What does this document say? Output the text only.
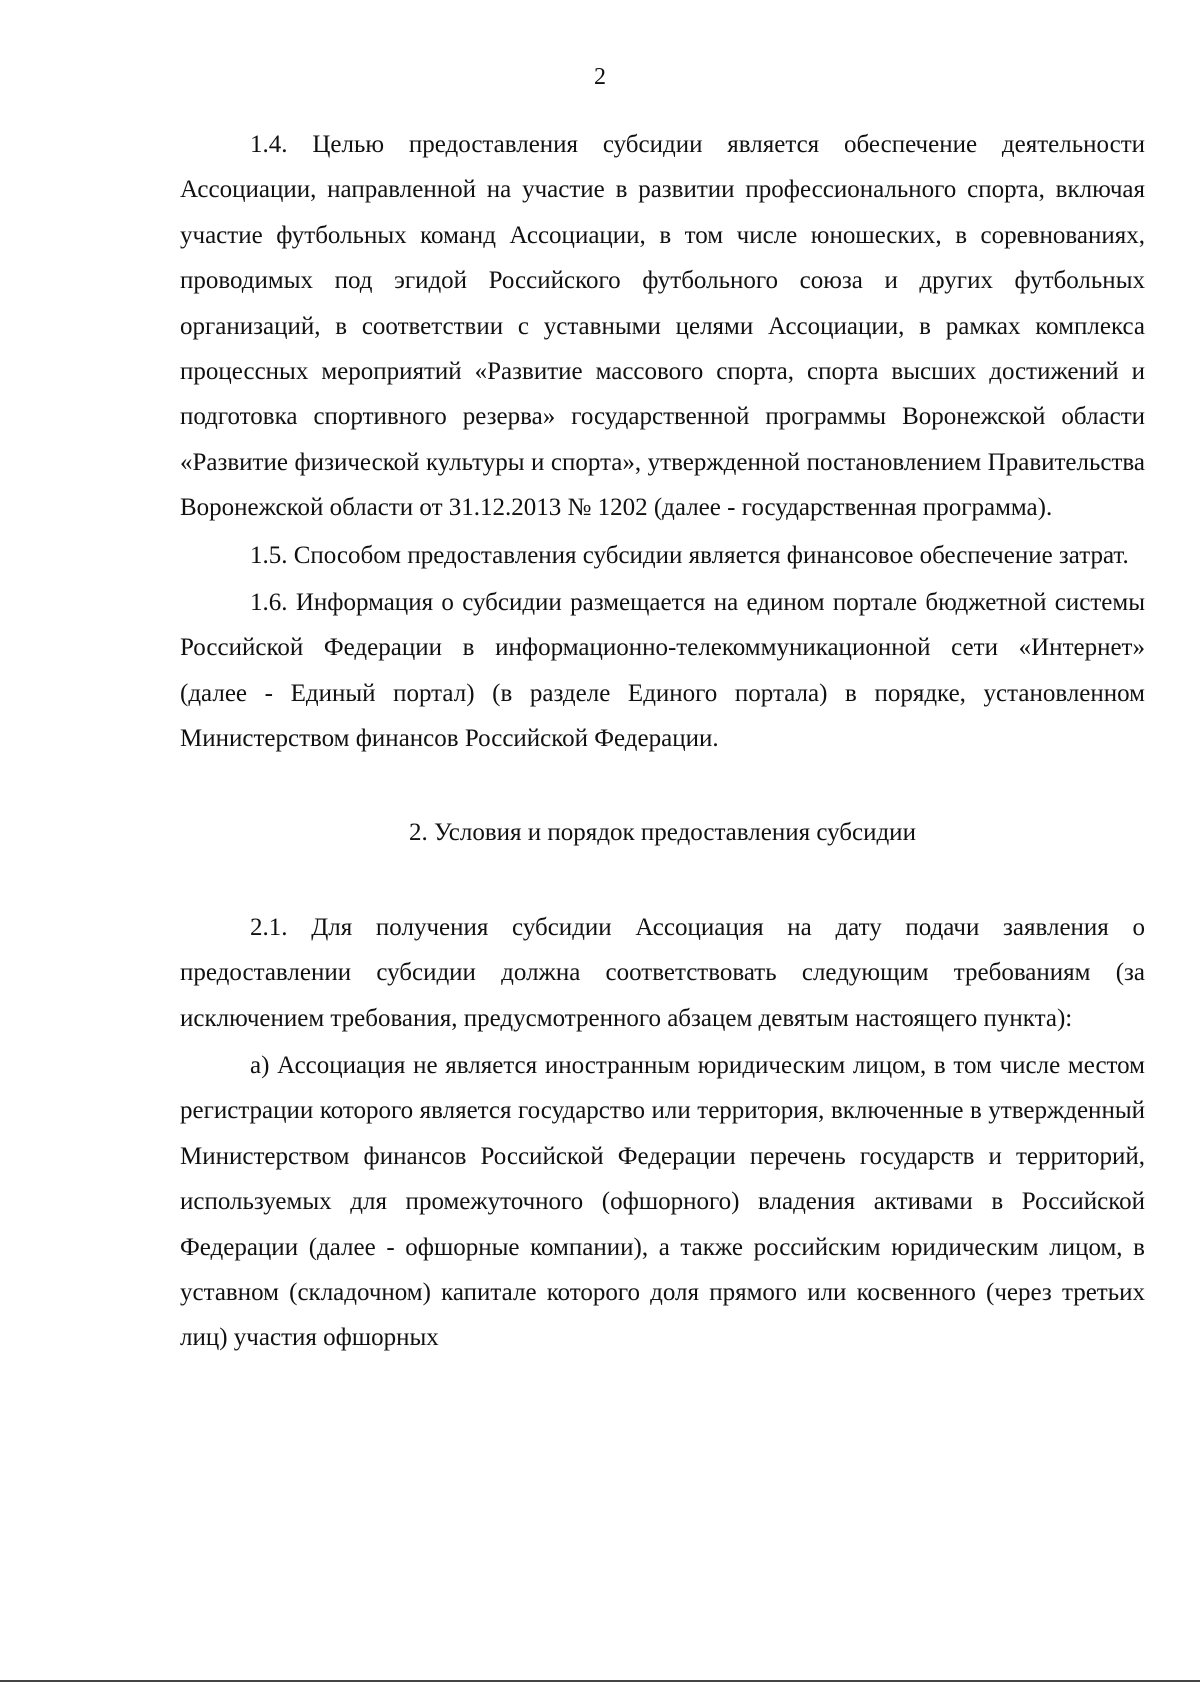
2

1.4. Целью предоставления субсидии является обеспечение деятельности Ассоциации, направленной на участие в развитии профессионального спорта, включая участие футбольных команд Ассоциации, в том числе юношеских, в соревнованиях, проводимых под эгидой Российского футбольного союза и других футбольных организаций, в соответствии с уставными целями Ассоциации, в рамках комплекса процессных мероприятий «Развитие массового спорта, спорта высших достижений и подготовка спортивного резерва» государственной программы Воронежской области «Развитие физической культуры и спорта», утвержденной постановлением Правительства Воронежской области от 31.12.2013 № 1202 (далее - государственная программа).

1.5. Способом предоставления субсидии является финансовое обеспечение затрат.

1.6. Информация о субсидии размещается на едином портале бюджетной системы Российской Федерации в информационно-телекоммуникационной сети «Интернет» (далее - Единый портал) (в разделе Единого портала) в порядке, установленном Министерством финансов Российской Федерации.

2. Условия и порядок предоставления субсидии

2.1. Для получения субсидии Ассоциация на дату подачи заявления о предоставлении субсидии должна соответствовать следующим требованиям (за исключением требования, предусмотренного абзацем девятым настоящего пункта):

а) Ассоциация не является иностранным юридическим лицом, в том числе местом регистрации которого является государство или территория, включенные в утвержденный Министерством финансов Российской Федерации перечень государств и территорий, используемых для промежуточного (офшорного) владения активами в Российской Федерации (далее - офшорные компании), а также российским юридическим лицом, в уставном (складочном) капитале которого доля прямого или косвенного (через третьих лиц) участия офшорных
